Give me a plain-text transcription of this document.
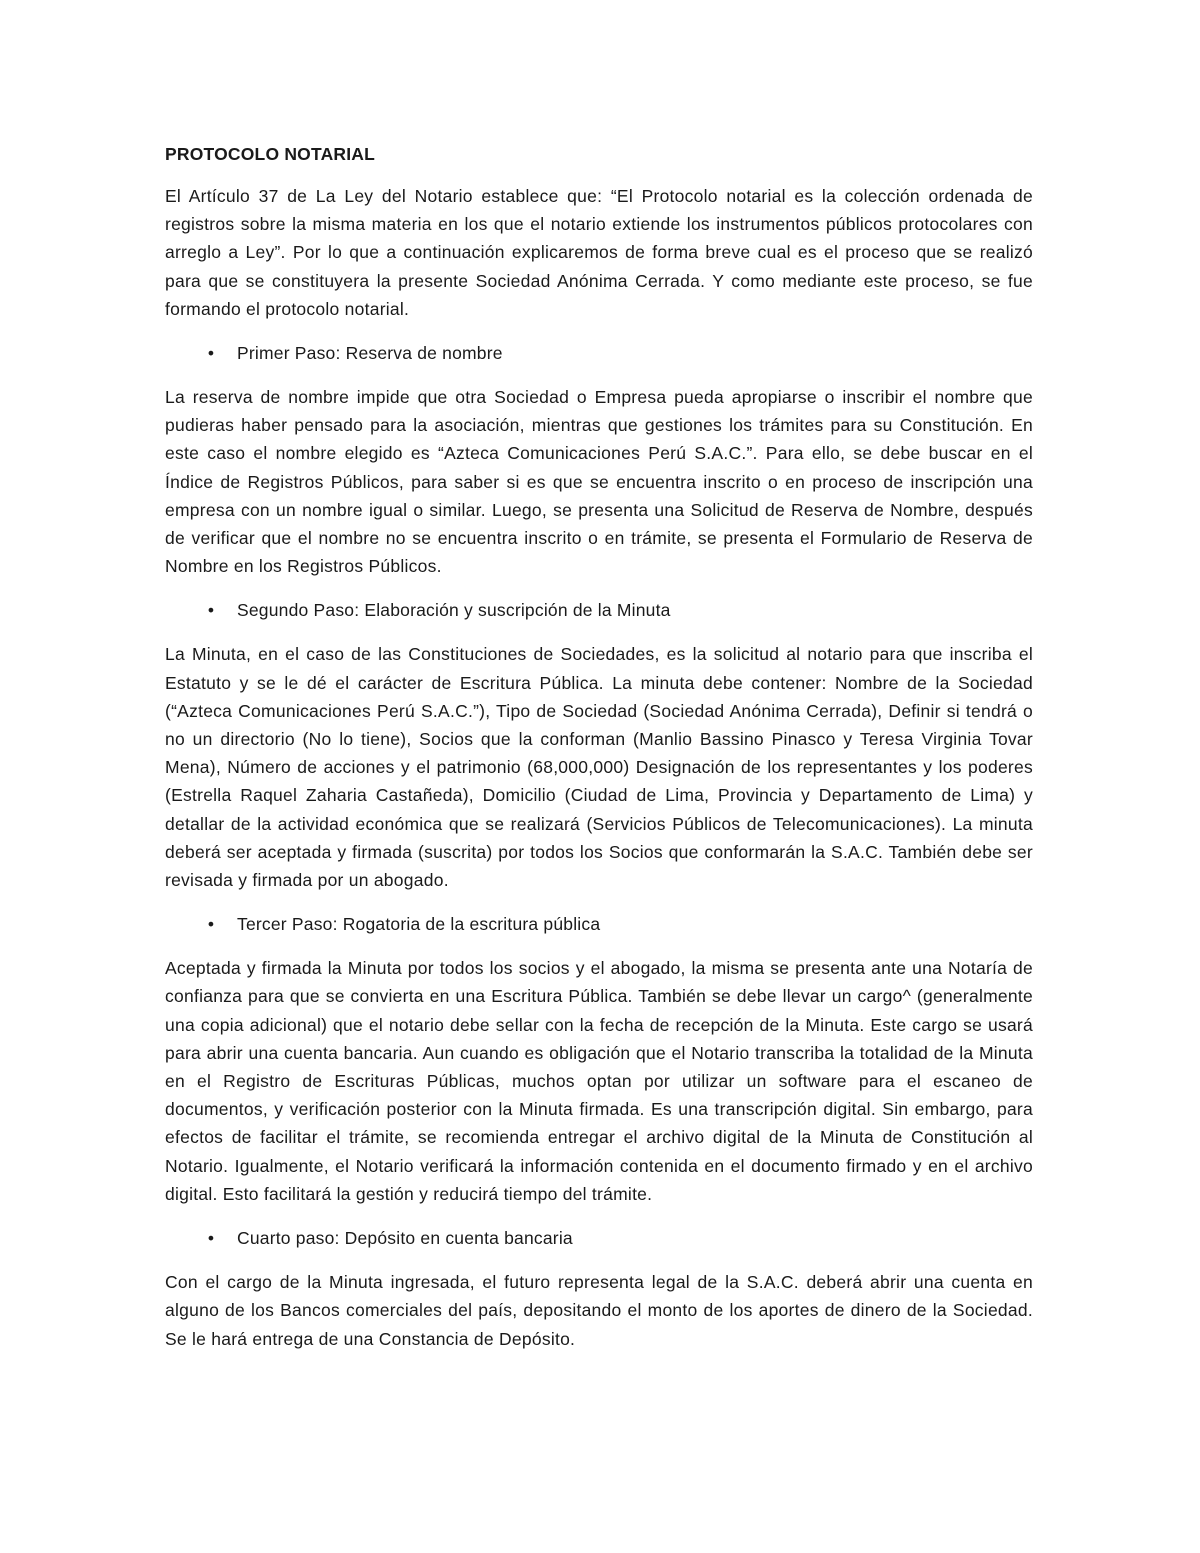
PROTOCOLO NOTARIAL

El Artículo 37 de La Ley del Notario establece que: “El Protocolo notarial es la colección ordenada de registros sobre la misma materia en los que el notario extiende los instrumentos públicos protocolares con arreglo a Ley”. Por lo que a continuación explicaremos de forma breve cual es el proceso que se realizó para que se constituyera la presente Sociedad Anónima Cerrada. Y como mediante este proceso, se fue formando el protocolo notarial.

•	Primer Paso: Reserva de nombre

La reserva de nombre impide que otra Sociedad o Empresa pueda apropiarse o inscribir el nombre que pudieras haber pensado para la asociación, mientras que gestiones los trámites para su Constitución. En este caso el nombre elegido es “Azteca Comunicaciones Perú S.A.C.”. Para ello, se debe buscar en el Índice de Registros Públicos, para saber si es que se encuentra inscrito o en proceso de inscripción una empresa con un nombre igual o similar. Luego, se presenta una Solicitud de Reserva de Nombre, después de verificar que el nombre no se encuentra inscrito o en trámite, se presenta el Formulario de Reserva de Nombre en los Registros Públicos.

•	Segundo Paso: Elaboración y suscripción de la Minuta

La Minuta, en el caso de las Constituciones de Sociedades, es la solicitud al notario para que inscriba el Estatuto y se le dé el carácter de Escritura Pública. La minuta debe contener: Nombre de la Sociedad (“Azteca Comunicaciones Perú S.A.C.”), Tipo de Sociedad (Sociedad Anónima Cerrada), Definir si tendrá o no un directorio (No lo tiene), Socios que la conforman (Manlio Bassino Pinasco y Teresa Virginia Tovar Mena), Número de acciones y el patrimonio (68,000,000) Designación de los representantes y los poderes (Estrella Raquel Zaharia Castañeda), Domicilio (Ciudad de Lima, Provincia y Departamento de Lima) y detallar de la actividad económica que se realizará (Servicios Públicos de Telecomunicaciones). La minuta deberá ser aceptada y firmada (suscrita) por todos los Socios que conformarán la S.A.C. También debe ser revisada y firmada por un abogado.

•	Tercer Paso: Rogatoria de la escritura pública

Aceptada y firmada la Minuta por todos los socios y el abogado, la misma se presenta ante una Notaría de confianza para que se convierta en una Escritura Pública. También se debe llevar un cargo^ (generalmente una copia adicional) que el notario debe sellar con la fecha de recepción de la Minuta. Este cargo se usará para abrir una cuenta bancaria. Aun cuando es obligación que el Notario transcriba la totalidad de la Minuta en el Registro de Escrituras Públicas, muchos optan por utilizar un software para el escaneo de documentos, y verificación posterior con la Minuta firmada. Es una transcripción digital. Sin embargo, para efectos de facilitar el trámite, se recomienda entregar el archivo digital de la Minuta de Constitución al Notario. Igualmente, el Notario verificará la información contenida en el documento firmado y en el archivo digital. Esto facilitará la gestión y reducirá tiempo del trámite.

•	Cuarto paso: Depósito en cuenta bancaria

Con el cargo de la Minuta ingresada, el futuro representa legal de la S.A.C. deberá abrir una cuenta en alguno de los Bancos comerciales del país, depositando el monto de los aportes de dinero de la Sociedad. Se le hará entrega de una Constancia de Depósito.
